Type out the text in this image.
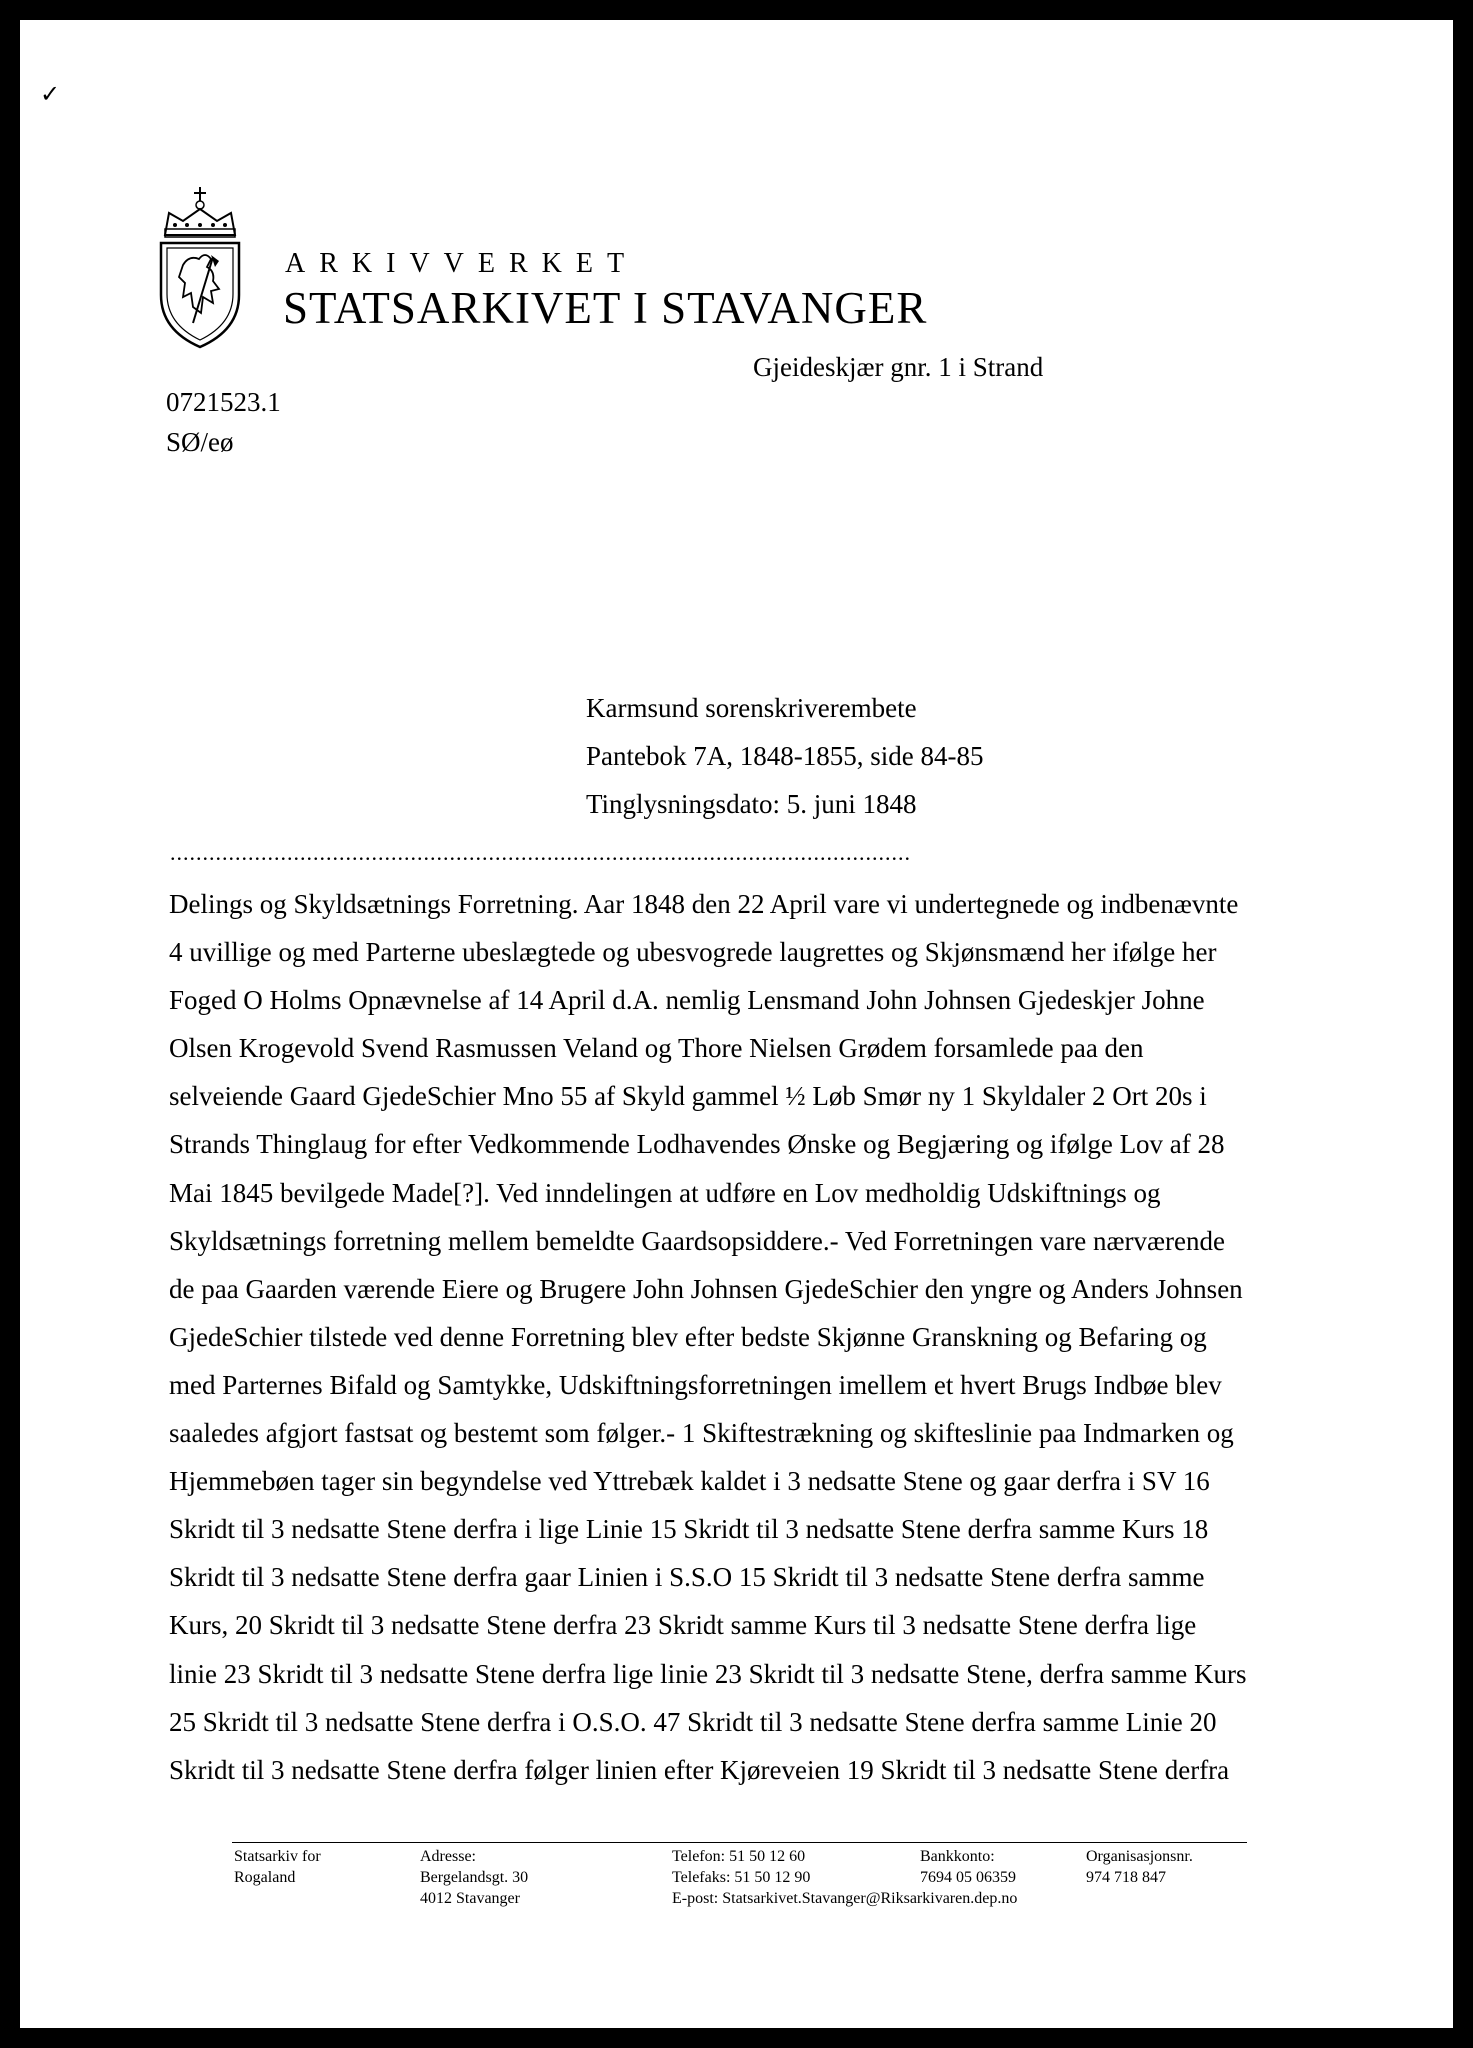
✓
ARKIVVERKET
STATSARKIVET I STAVANGER
Gjeideskjær gnr. 1 i Strand
0721523.1
SØ/eø
Karmsund sorenskriverembete
Pantebok 7A, 1848-1855, side 84-85
Tinglysningsdato: 5. juni 1848
..................................................................................................................
Delings og Skyldsætnings Forretning. Aar 1848 den 22 April vare vi undertegnede og indbenævnte
4 uvillige og med Parterne ubeslægtede og ubesvogrede laugrettes og Skjønsmænd her ifølge her
Foged O Holms Opnævnelse af 14 April d.A. nemlig Lensmand John Johnsen Gjedeskjer Johne
Olsen Krogevold Svend Rasmussen Veland og Thore Nielsen Grødem forsamlede paa den
selveiende Gaard GjedeSchier Mno 55 af Skyld gammel ½ Løb Smør ny 1 Skyldaler 2 Ort 20s i
Strands Thinglaug for efter Vedkommende Lodhavendes Ønske og Begjæring og ifølge Lov af 28
Mai 1845 bevilgede Made[?]. Ved inndelingen at udføre en Lov medholdig Udskiftnings og
Skyldsætnings forretning mellem bemeldte Gaardsopsiddere.- Ved Forretningen vare nærværende
de paa Gaarden værende Eiere og Brugere John Johnsen GjedeSchier den yngre og Anders Johnsen
GjedeSchier tilstede ved denne Forretning blev efter bedste Skjønne Granskning og Befaring og
med Parternes Bifald og Samtykke, Udskiftningsforretningen imellem et hvert Brugs Indbøe blev
saaledes afgjort fastsat og bestemt som følger.- 1 Skiftestrækning og skifteslinie paa Indmarken og
Hjemmebøen tager sin begyndelse ved Yttrebæk kaldet i 3 nedsatte Stene og gaar derfra i SV 16
Skridt til 3 nedsatte Stene derfra i lige Linie 15 Skridt til 3 nedsatte Stene derfra samme Kurs 18
Skridt til 3 nedsatte Stene derfra gaar Linien i S.S.O 15 Skridt til 3 nedsatte Stene derfra samme
Kurs, 20 Skridt til 3 nedsatte Stene derfra 23 Skridt samme Kurs til 3 nedsatte Stene derfra lige
linie 23 Skridt til 3 nedsatte Stene derfra lige linie 23 Skridt til 3 nedsatte Stene, derfra samme Kurs
25 Skridt til 3 nedsatte Stene derfra i O.S.O. 47 Skridt til 3 nedsatte Stene derfra samme Linie 20
Skridt til 3 nedsatte Stene derfra følger linien efter Kjøreveien 19 Skridt til 3 nedsatte Stene derfra
Statsarkiv for
Rogaland
Adresse:
Bergelandsgt. 30
4012 Stavanger
Telefon: 51 50 12 60
Telefaks: 51 50 12 90
E-post: Statsarkivet.Stavanger@Riksarkivaren.dep.no
Bankkonto:
7694 05 06359
Organisasjonsnr.
974 718 847
